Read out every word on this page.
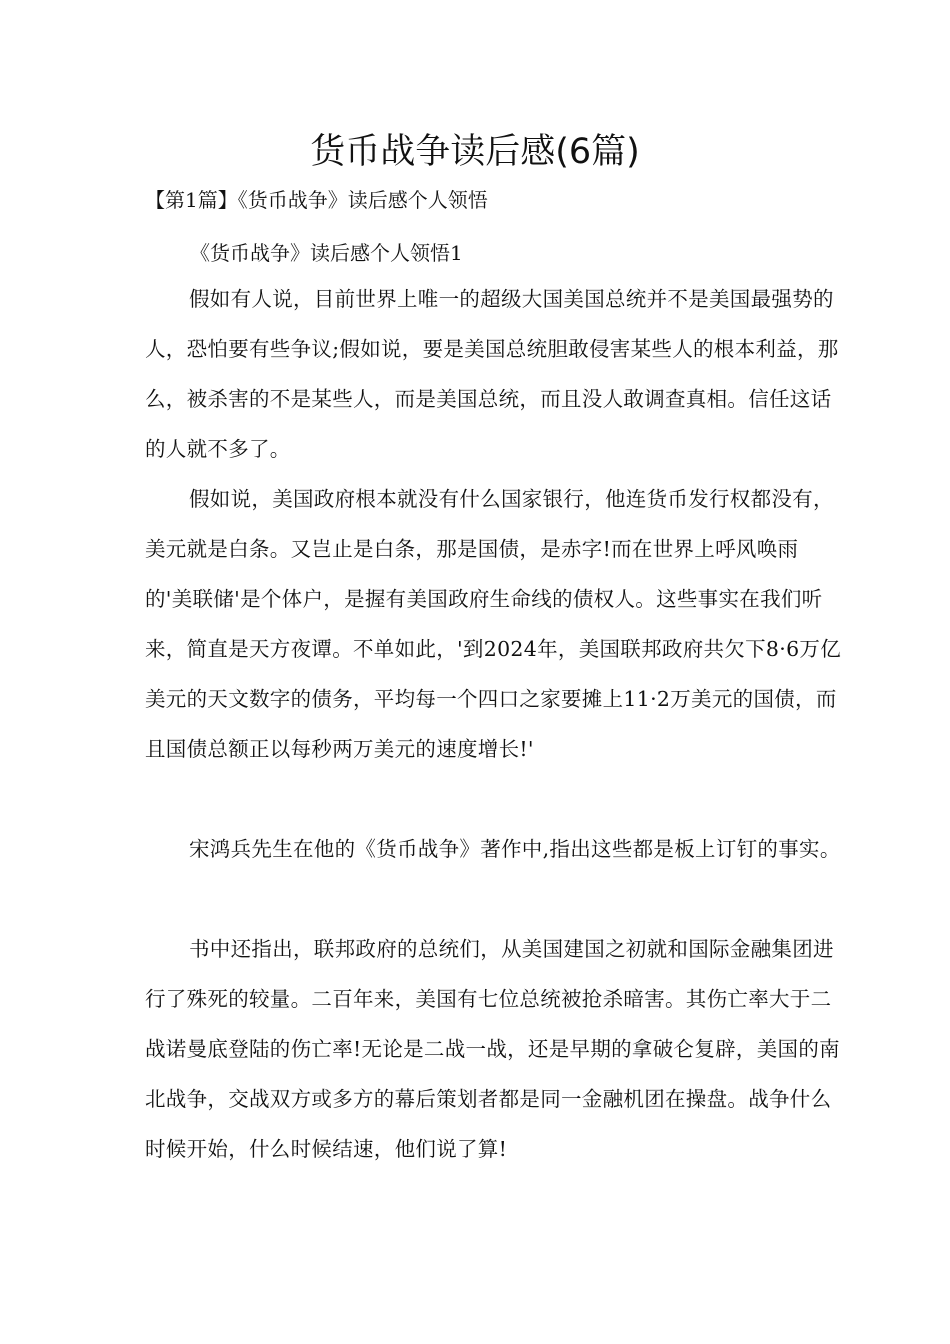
货币战争读后感(6篇)

【第1篇】《货币战争》读后感个人领悟

《货币战争》读后感个人领悟1

假如有人说，目前世界上唯一的超级大国美国总统并不是美国最强势的人，恐怕要有些争议;假如说，要是美国总统胆敢侵害某些人的根本利益，那么，被杀害的不是某些人，而是美国总统，而且没人敢调查真相。信任这话的人就不多了。

假如说，美国政府根本就没有什么国家银行，他连货币发行权都没有，美元就是白条。又岂止是白条，那是国债，是赤字!而在世界上呼风唤雨的'美联储'是个体户，是握有美国政府生命线的债权人。这些事实在我们听来，简直是天方夜谭。不单如此，'到2024年，美国联邦政府共欠下8·6万亿美元的天文数字的债务，平均每一个四口之家要摊上11·2万美元的国债，而且国债总额正以每秒两万美元的速度增长!'

宋鸿兵先生在他的《货币战争》著作中,指出这些都是板上订钉的事实。

书中还指出，联邦政府的总统们，从美国建国之初就和国际金融集团进行了殊死的较量。二百年来，美国有七位总统被抢杀暗害。其伤亡率大于二战诺曼底登陆的伤亡率!无论是二战一战，还是早期的拿破仑复辟，美国的南北战争，交战双方或多方的幕后策划者都是同一金融机团在操盘。战争什么时候开始，什么时候结速，他们说了算!
